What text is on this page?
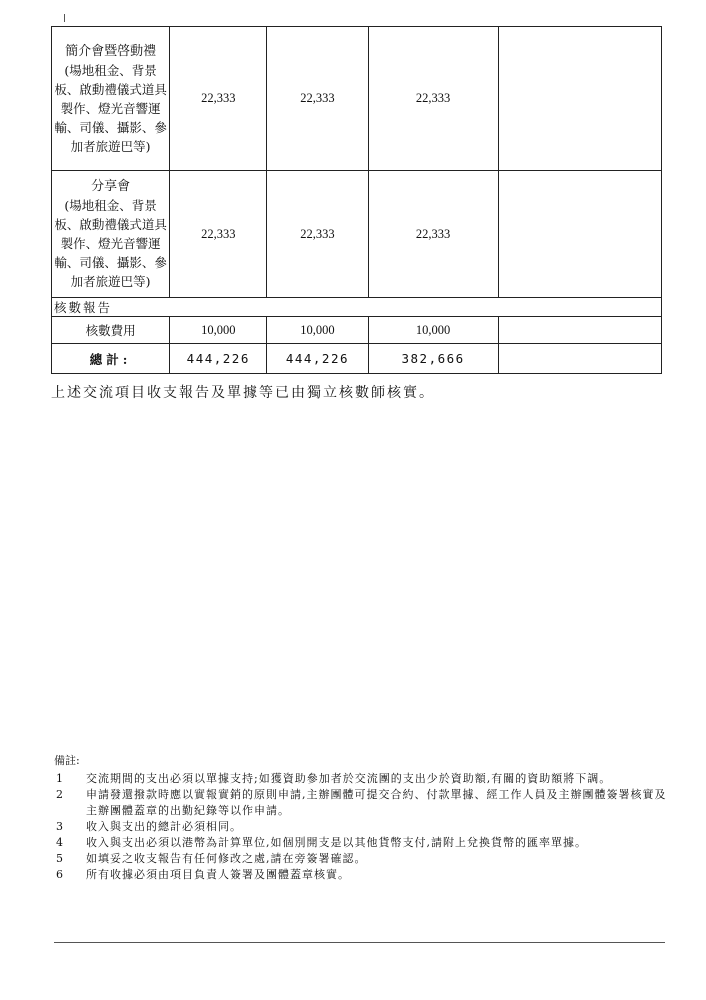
簡介會暨啓動禮
(場地租金、背景板、啟動禮儀式道具製作、燈光音響運輸、司儀、攝影、參加者旅遊巴等)	22,333	22,333	22,333	

分享會
(場地租金、背景板、啟動禮儀式道具製作、燈光音響運輸、司儀、攝影、參加者旅遊巴等)	22,333	22,333	22,333	
核數報告				
核數費用	10,000	10,000	10,000	
總計:	444,226	444,226	382,666	
上述交流項目收支報告及單據等已由獨立核數師核實。
備註:
1	交流期間的支出必須以單據支持;如獲資助參加者於交流團的支出少於資助額,有關的資助額將下調。
2	申請發還撥款時應以實報實銷的原則申請,主辦團體可提交合約、付款單據、經工作人員及主辦團體簽署核實及主辦團體蓋章的出勤紀錄等以作申請。
3	收入與支出的總計必須相同。
4	收入與支出必須以港幣為計算單位,如個別開支是以其他貨幣支付,請附上兌換貨幣的匯率單據。
5	如填妥之收支報告有任何修改之處,請在旁簽署確認。
6	所有收據必須由項目負責人簽署及團體蓋章核實。
